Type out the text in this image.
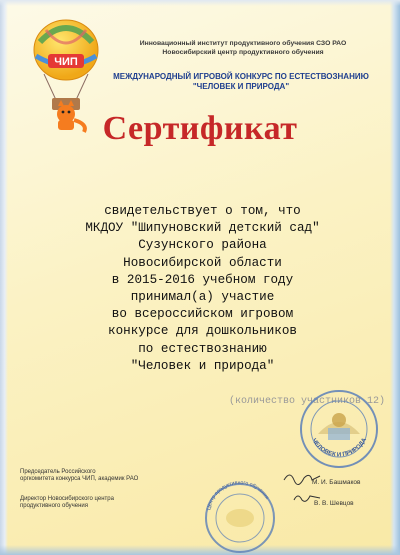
ЧИП
Инновационный институт продуктивного обучения СЗО РАО
Новосибирский центр продуктивного обучения
МЕЖДУНАРОДНЫЙ ИГРОВОЙ КОНКУРС ПО ЕСТЕСТВОЗНАНИЮ
"ЧЕЛОВЕК И ПРИРОДА"
Сертификат
свидетельствует о том, что
МКДОУ "Шипуновский детский сад"
Сузунского района
Новосибирской области
в 2015-2016 учебном году
принимал(а) участие
во всероссийском игровом
конкурсе для дошкольников
по естествознанию
"Человек и природа"
(количество участников 12)
ЧЕЛОВЕК И ПРИРОДА
Центр продуктивного обучения
Председатель Российского
оргкомитета конкурса ЧИП, академик РАО	М. И. Башмаков
Директор Новосибирского центра
продуктивного обучения	В. В. Шевцов
